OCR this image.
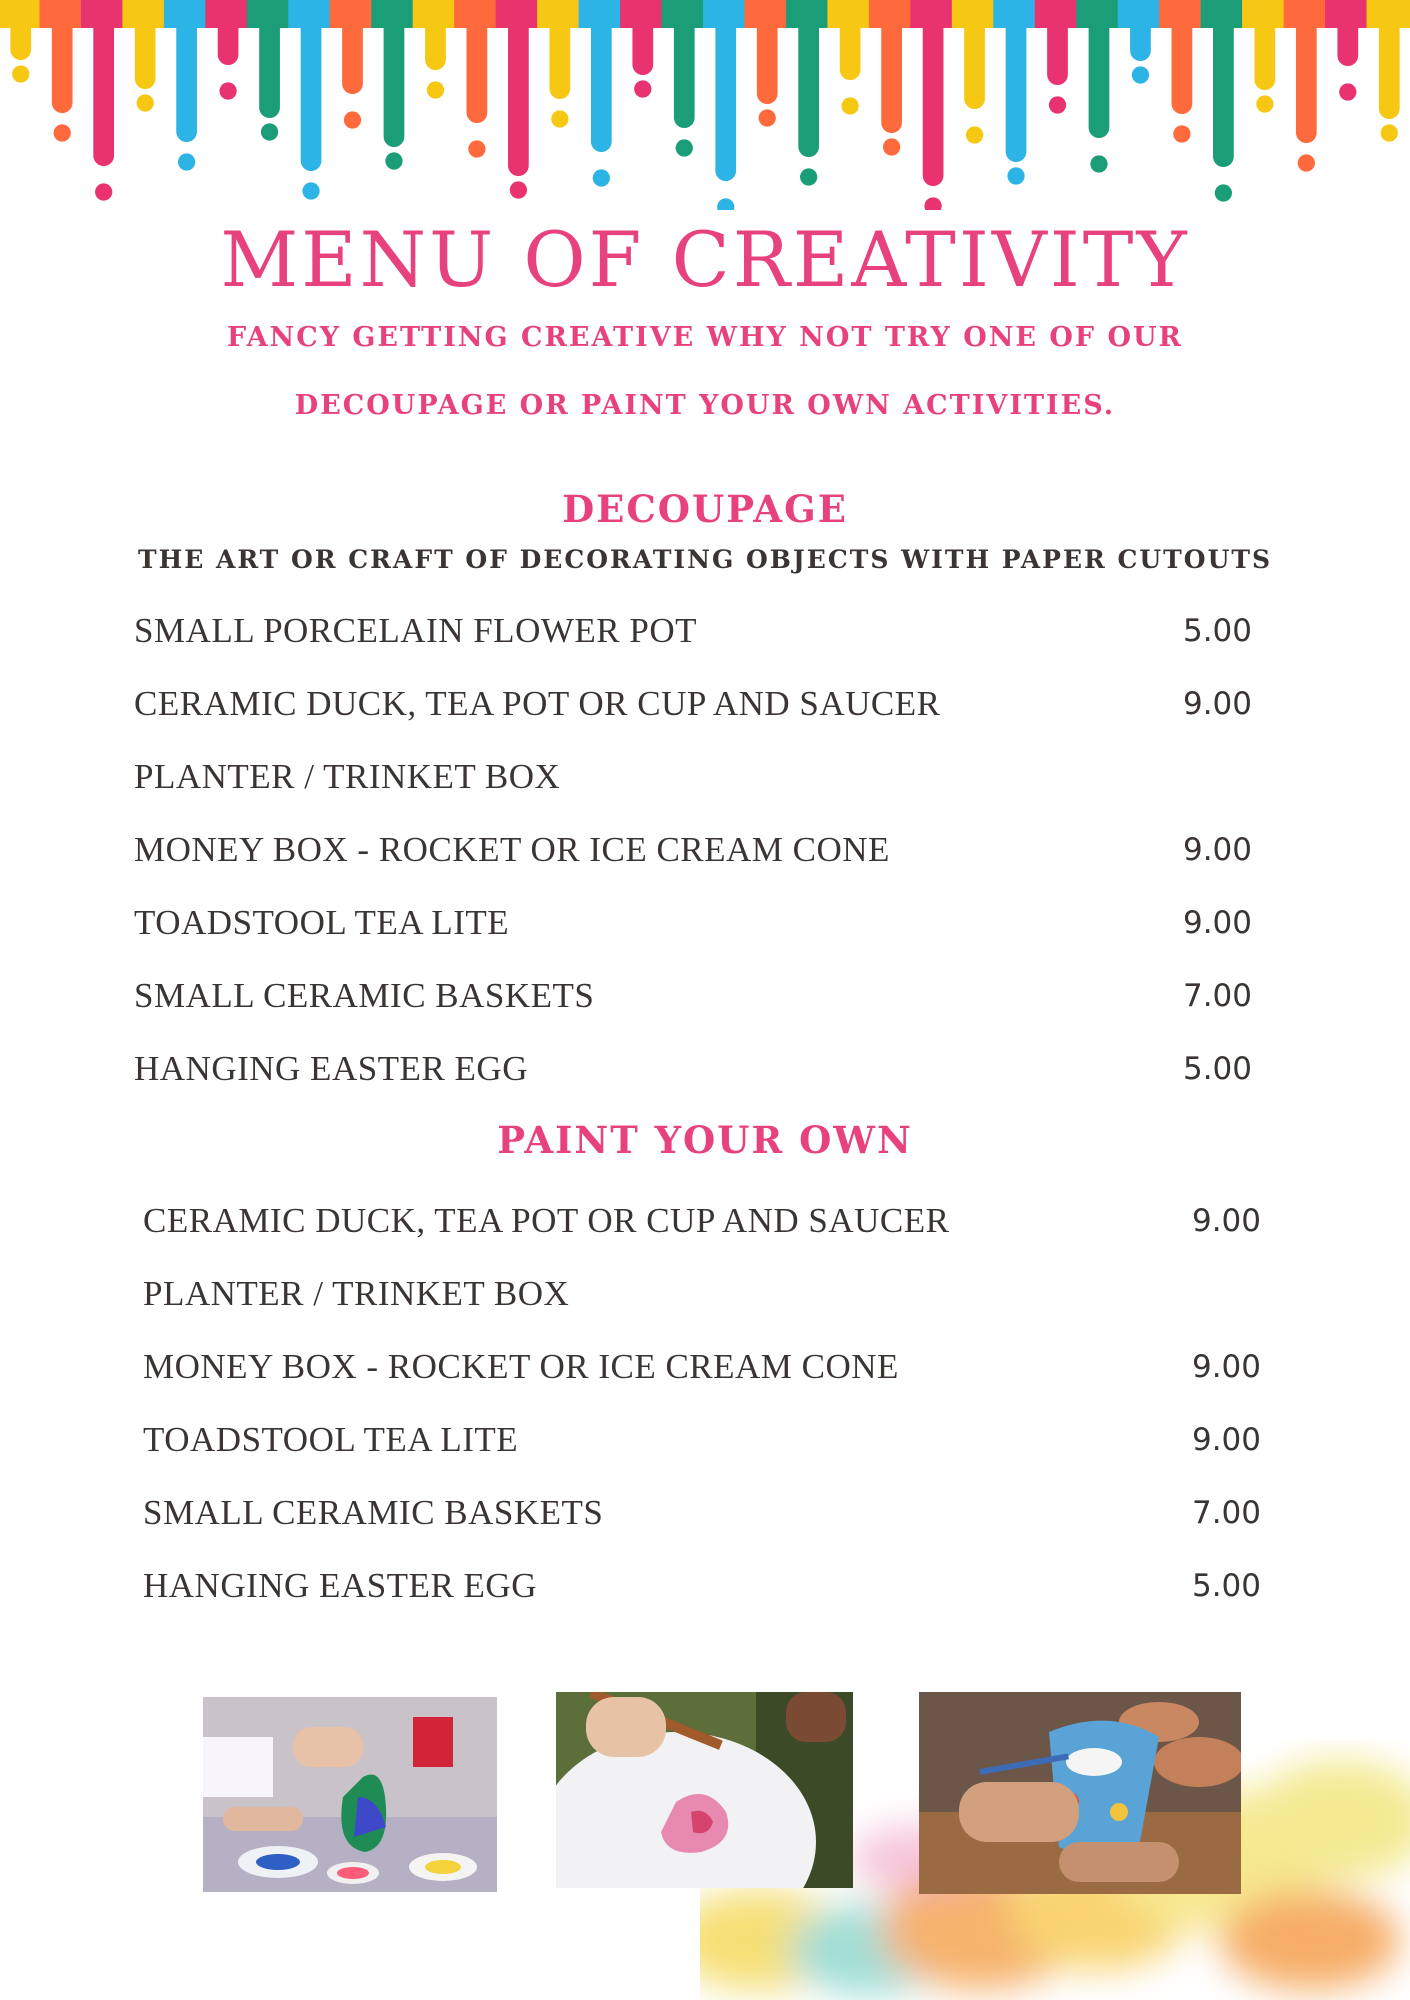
MENU OF CREATIVITY
FANCY GETTING CREATIVE WHY NOT TRY ONE OF OUR
DECOUPAGE OR PAINT YOUR OWN ACTIVITIES.
DECOUPAGE
THE ART OR CRAFT OF DECORATING OBJECTS WITH PAPER CUTOUTS
SMALL PORCELAIN FLOWER POT	5.00
CERAMIC DUCK, TEA POT OR CUP AND SAUCER	9.00
PLANTER / TRINKET BOX
MONEY BOX - ROCKET OR ICE CREAM CONE	9.00
TOADSTOOL TEA LITE	9.00
SMALL CERAMIC BASKETS	7.00
HANGING EASTER EGG	5.00
PAINT YOUR OWN
CERAMIC DUCK, TEA POT OR CUP AND SAUCER	9.00
PLANTER / TRINKET BOX
MONEY BOX - ROCKET OR ICE CREAM CONE	9.00
TOADSTOOL TEA LITE	9.00
SMALL CERAMIC BASKETS	7.00
HANGING EASTER EGG	5.00
